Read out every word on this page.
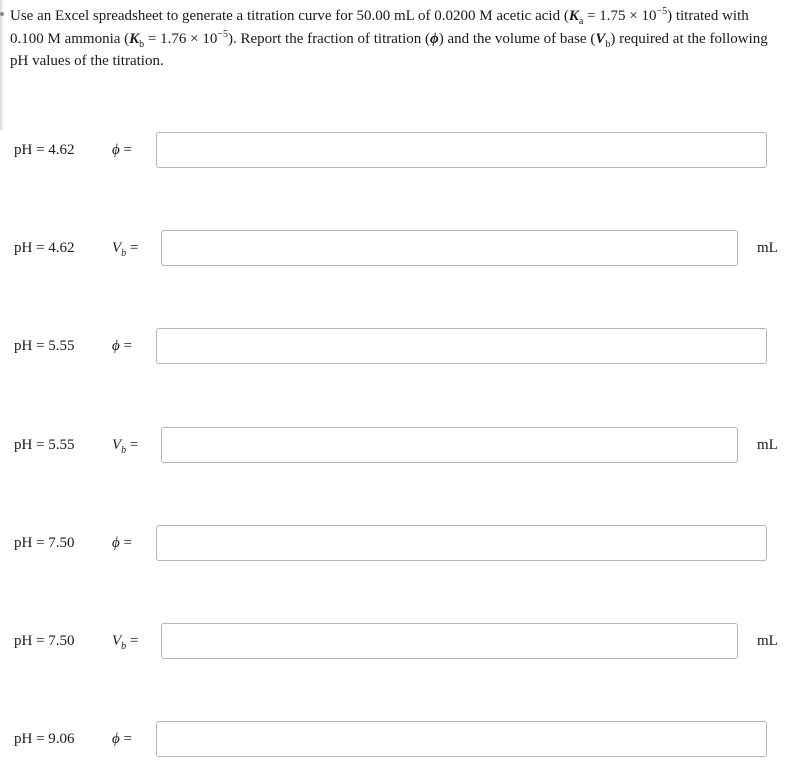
Use an Excel spreadsheet to generate a titration curve for 50.00 mL of 0.0200 M acetic acid $(K_a = 1.75 \times 10^{-5})$ titrated with
0.100 M ammonia $(K_b = 1.76 \times 10^{-5})$. Report the fraction of titration (ϕ) and the volume of base $(V_b)$ required at the following
pH values of the titration.

pH = 4.62 ϕ =
pH = 4.62 $V_b$ =	mL
pH = 5.55 ϕ =
pH = 5.55 $V_b$ =	mL
pH = 7.50 ϕ =
pH = 7.50 $V_b$ =	mL
pH = 9.06 ϕ =
